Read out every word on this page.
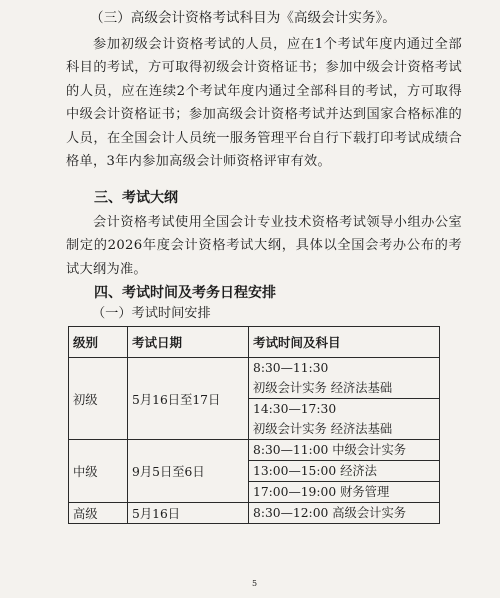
（三）高级会计资格考试科目为《高级会计实务》。
参加初级会计资格考试的人员，应在1个考试年度内通过全部科目的考试，方可取得初级会计资格证书；参加中级会计资格考试的人员，应在连续2个考试年度内通过全部科目的考试，方可取得中级会计资格证书；参加高级会计资格考试并达到国家合格标准的人员，在全国会计人员统一服务管理平台自行下载打印考试成绩合格单，3年内参加高级会计师资格评审有效。
三、考试大纲
会计资格考试使用全国会计专业技术资格考试领导小组办公室制定的2026年度会计资格考试大纲，具体以全国会考办公布的考试大纲为准。
四、考试时间及考务日程安排
（一）考试时间安排
级别	考试日期	考试时间及科目
初级	5月16日至17日	8:30—11:30
		初级会计实务 经济法基础
		14:30—17:30
		初级会计实务 经济法基础
中级	9月5日至6日	8:30—11:00 中级会计实务
		13:00—15:00 经济法
		17:00—19:00 财务管理
高级	5月16日	8:30—12:00 高级会计实务
5
